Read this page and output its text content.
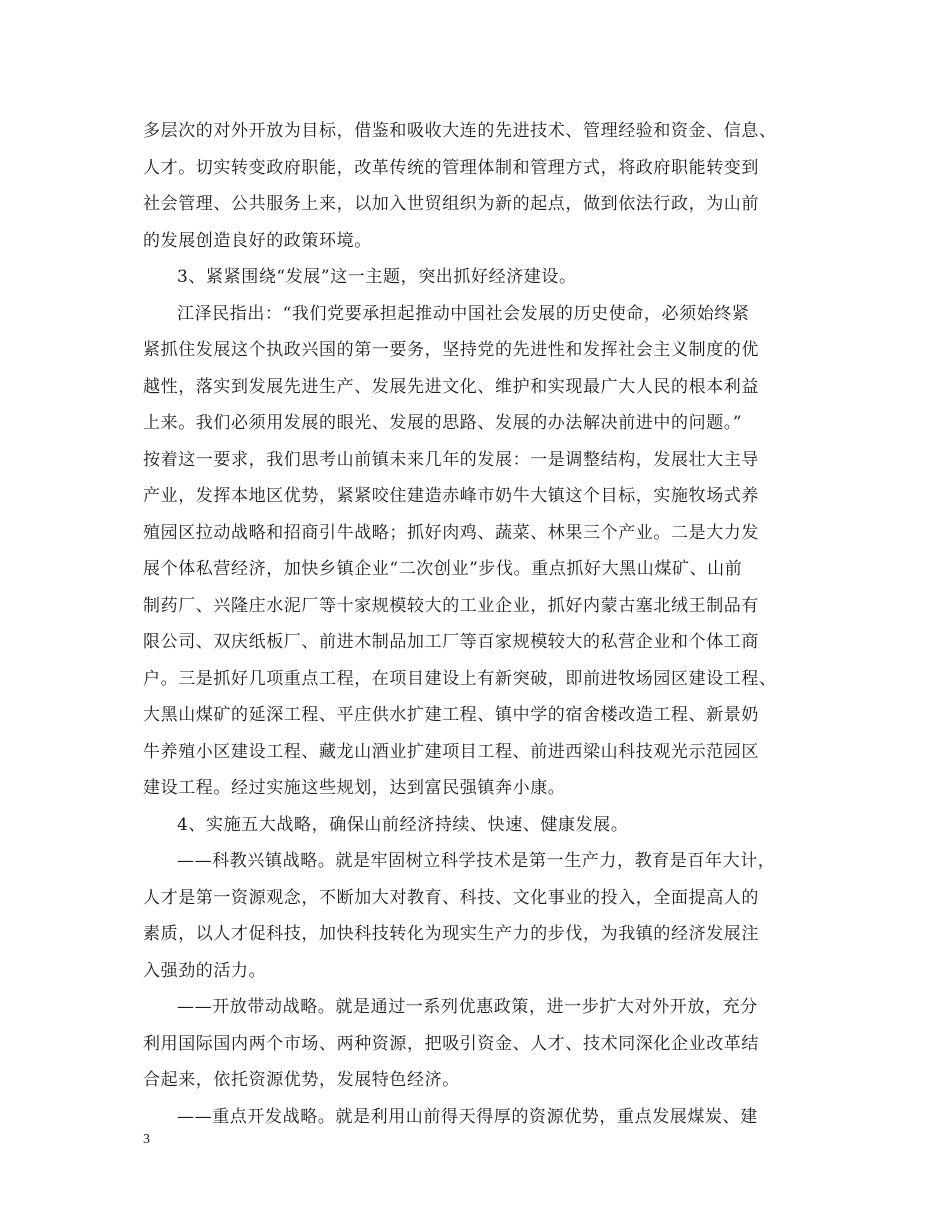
多层次的对外开放为目标，借鉴和吸收大连的先进技术、管理经验和资金、信息、
人才。切实转变政府职能，改革传统的管理体制和管理方式，将政府职能转变到
社会管理、公共服务上来，以加入世贸组织为新的起点，做到依法行政，为山前
的发展创造良好的政策环境。
3、紧紧围绕“发展”这一主题，突出抓好经济建设。
江泽民指出：“我们党要承担起推动中国社会发展的历史使命，必须始终紧
紧抓住发展这个执政兴国的第一要务，坚持党的先进性和发挥社会主义制度的优
越性，落实到发展先进生产、发展先进文化、维护和实现最广大人民的根本利益
上来。我们必须用发展的眼光、发展的思路、发展的办法解决前进中的问题。”
按着这一要求，我们思考山前镇未来几年的发展：一是调整结构，发展壮大主导
产业，发挥本地区优势，紧紧咬住建造赤峰市奶牛大镇这个目标，实施牧场式养
殖园区拉动战略和招商引牛战略；抓好肉鸡、蔬菜、林果三个产业。二是大力发
展个体私营经济，加快乡镇企业“二次创业”步伐。重点抓好大黑山煤矿、山前
制药厂、兴隆庄水泥厂等十家规模较大的工业企业，抓好内蒙古塞北绒王制品有
限公司、双庆纸板厂、前进木制品加工厂等百家规模较大的私营企业和个体工商
户。三是抓好几项重点工程，在项目建设上有新突破，即前进牧场园区建设工程、
大黑山煤矿的延深工程、平庄供水扩建工程、镇中学的宿舍楼改造工程、新景奶
牛养殖小区建设工程、藏龙山酒业扩建项目工程、前进西梁山科技观光示范园区
建设工程。经过实施这些规划，达到富民强镇奔小康。
4、实施五大战略，确保山前经济持续、快速、健康发展。
——科教兴镇战略。就是牢固树立科学技术是第一生产力，教育是百年大计，
人才是第一资源观念，不断加大对教育、科技、文化事业的投入，全面提高人的
素质，以人才促科技，加快科技转化为现实生产力的步伐，为我镇的经济发展注
入强劲的活力。
——开放带动战略。就是通过一系列优惠政策，进一步扩大对外开放，充分
利用国际国内两个市场、两种资源，把吸引资金、人才、技术同深化企业改革结
合起来，依托资源优势，发展特色经济。
——重点开发战略。就是利用山前得天得厚的资源优势，重点发展煤炭、建
3
